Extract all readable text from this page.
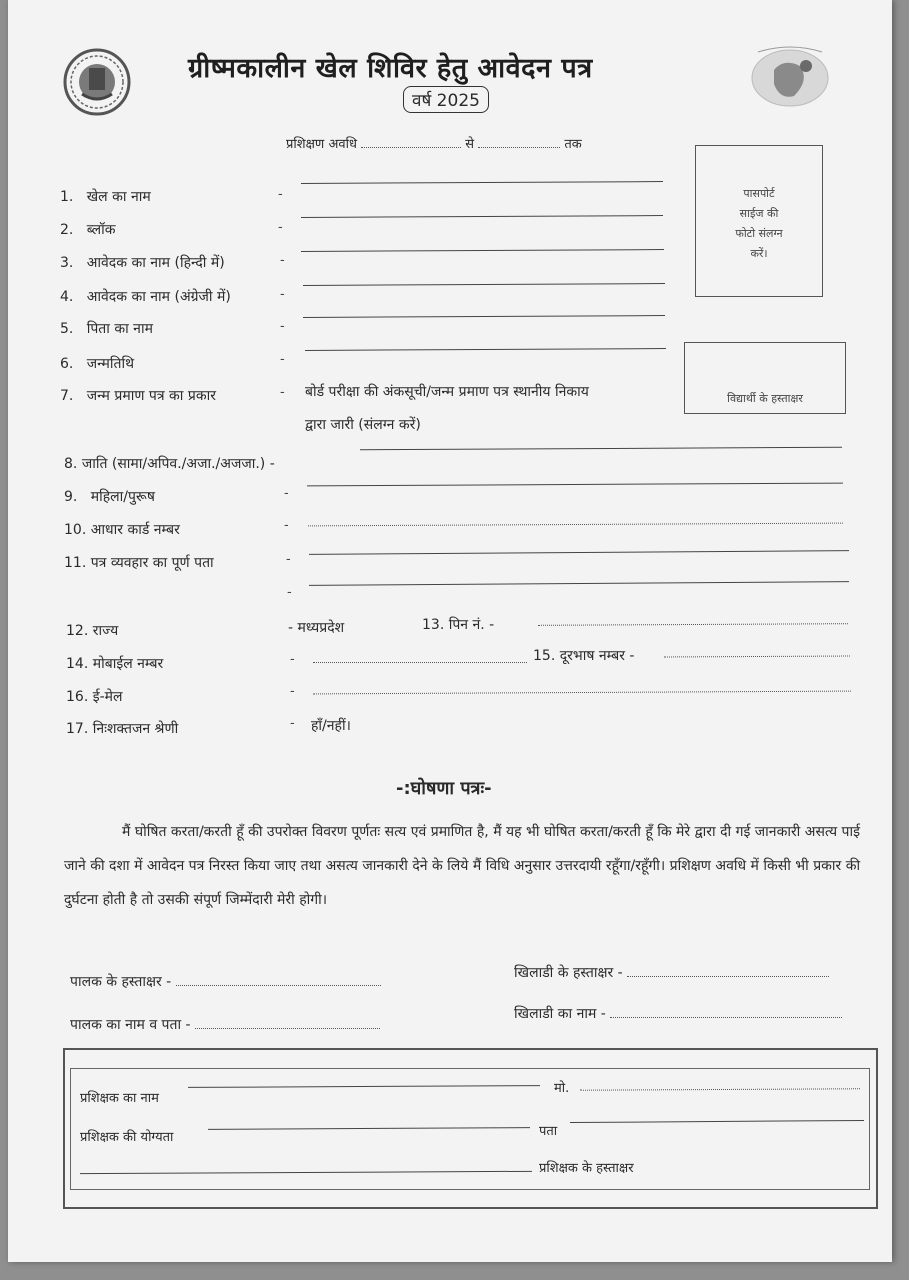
ग्रीष्मकालीन खेल शिविर हेतु आवेदन पत्र
वर्ष 2025
प्रशिक्षण अवधि	से	तक
पासपोर्ट
साईज की
फोटो संलग्न
करें।
विद्यार्थी के हस्ताक्षर
1. खेल का नाम	-
2. ब्लॉक	-
3. आवेदक का नाम (हिन्दी में)	-
4. आवेदक का नाम (अंग्रेजी में)	-
5. पिता का नाम	-
6. जन्मतिथि	-
7. जन्म प्रमाण पत्र का प्रकार	- बोर्ड परीक्षा की अंकसूची/जन्म प्रमाण पत्र स्थानीय निकाय
द्वारा जारी (संलग्न करें)
8. जाति (सामा/अपिव./अजा./अजजा.) -
9. महिला/पुरूष	-
10. आधार कार्ड नम्बर	-
11. पत्र व्यवहार का पूर्ण पता	-
-
12. राज्य	- मध्यप्रदेश	13. पिन नं. -
14. मोबाईल नम्बर	-	15. दूरभाष नम्बर -
16. ई-मेल	-
17. निःशक्तजन श्रेणी	- हाँ/नहीं।
-:घोषणा पत्रः-
मैं घोषित करता/करती हूँ की उपरोक्त विवरण पूर्णतः सत्य एवं प्रमाणित है, मैं यह भी घोषित करता/करती हूँ कि मेरे द्वारा दी गई जानकारी असत्य पाई जाने की दशा में आवेदन पत्र निरस्त किया जाए तथा असत्य जानकारी देने के लिये मैं विधि अनुसार उत्तरदायी रहूँगा/रहूँगी। प्रशिक्षण अवधि में किसी भी प्रकार की दुर्घटना होती है तो उसकी संपूर्ण जिम्मेंदारी मेरी होगी।
पालक के हस्ताक्षर -
पालक का नाम व पता -
खिलाडी के हस्ताक्षर -
खिलाडी का नाम -
प्रशिक्षक का नाम
मो.
प्रशिक्षक की योग्यता	पता
प्रशिक्षक के हस्ताक्षर
